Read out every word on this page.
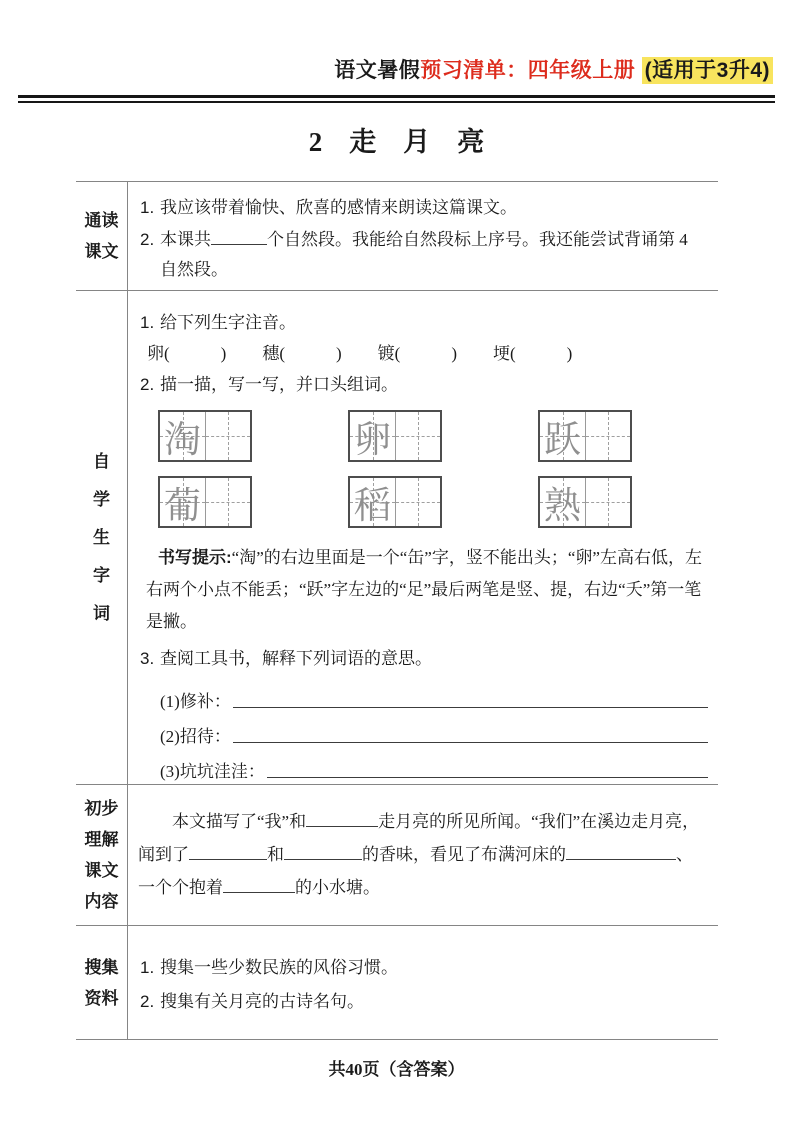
语文暑假预习清单：四年级上册 (适用于3升4)
2　走　月　亮
通读
课文
1. 我应该带着愉快、欣喜的感情来朗读这篇课文。
2. 本课共	个自然段。我能给自然段标上序号。我还能尝试背诵第 4 自然段。
自
学
生
字
词
1. 给下列生字注音。
卵(　　　) 穗(　　　) 镀(　　　) 埂(　　　)
2. 描一描，写一写，并口头组词。
淘	卵	跃
葡	稻	熟

书写提示:“淘”的右边里面是一个“缶”字，竖不能出头；“卵”左高右低，左右两个小点不能丢；“跃”字左边的“足”最后两笔是竖、提，右边“夭”第一笔是撇。

3. 查阅工具书，解释下列词语的意思。
(1)修补：
(2)招待：
(3)坑坑洼洼：
初步
理解
课文
内容

本文描写了“我”和	走月亮的所见所闻。“我们”在溪边走月亮，闻到了	和	的香味，看见了布满河床的	、一个个抱着	的小水塘。

搜集
资料
1. 搜集一些少数民族的风俗习惯。
2. 搜集有关月亮的古诗名句。
共40页（含答案）
